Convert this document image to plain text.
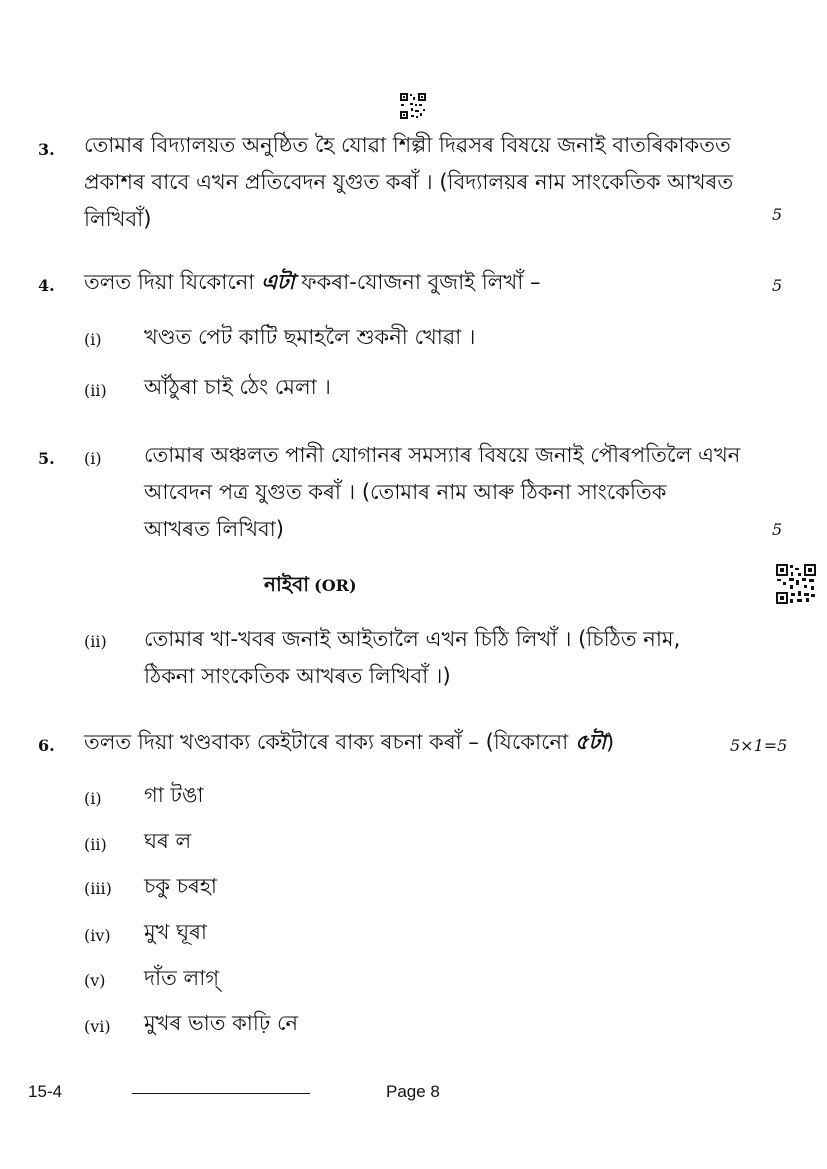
3. তোমাৰ বিদ্যালয়ত অনুষ্ঠিত হৈ যোৱা শিল্পী দিৱসৰ বিষয়ে জনাই বাতৰিকাকতত
প্ৰকাশৰ বাবে এখন প্ৰতিবেদন যুগুত কৰাঁ । (বিদ্যালয়ৰ নাম সাংকেতিক আখৰত
লিখিবাঁ)	5
4. তলত দিয়া যিকোনো এটা ফকৰা-যোজনা বুজাই লিখাঁ –	5
(i) খণ্ডত পেট কাটি ছমাহলৈ শুকনী খোৱা ।
(ii) আঁঠুৰা চাই ঠেং মেলা ।
5. (i) তোমাৰ অঞ্চলত পানী যোগানৰ সমস্যাৰ বিষয়ে জনাই পৌৰপতিলৈ এখন
আবেদন পত্ৰ যুগুত কৰাঁ । (তোমাৰ নাম আৰু ঠিকনা সাংকেতিক
আখৰত লিখিবা)	5
নাইবা (OR)
(ii) তোমাৰ খা-খবৰ জনাই আইতালৈ এখন চিঠি লিখাঁ । (চিঠিত নাম,
ঠিকনা সাংকেতিক আখৰত লিখিবাঁ ।)
6. তলত দিয়া খণ্ডবাক্য কেইটাৰে বাক্য ৰচনা কৰাঁ – (যিকোনো ৫টা)	5×1=5
(i) গা টঙা
(ii) ঘৰ ল
(iii) চকু চৰহা
(iv) মুখ ঘূৰা
(v) দাঁত লাগ্
(vi) মুখৰ ভাত কাঢ়ি নে
15-4	Page 8
